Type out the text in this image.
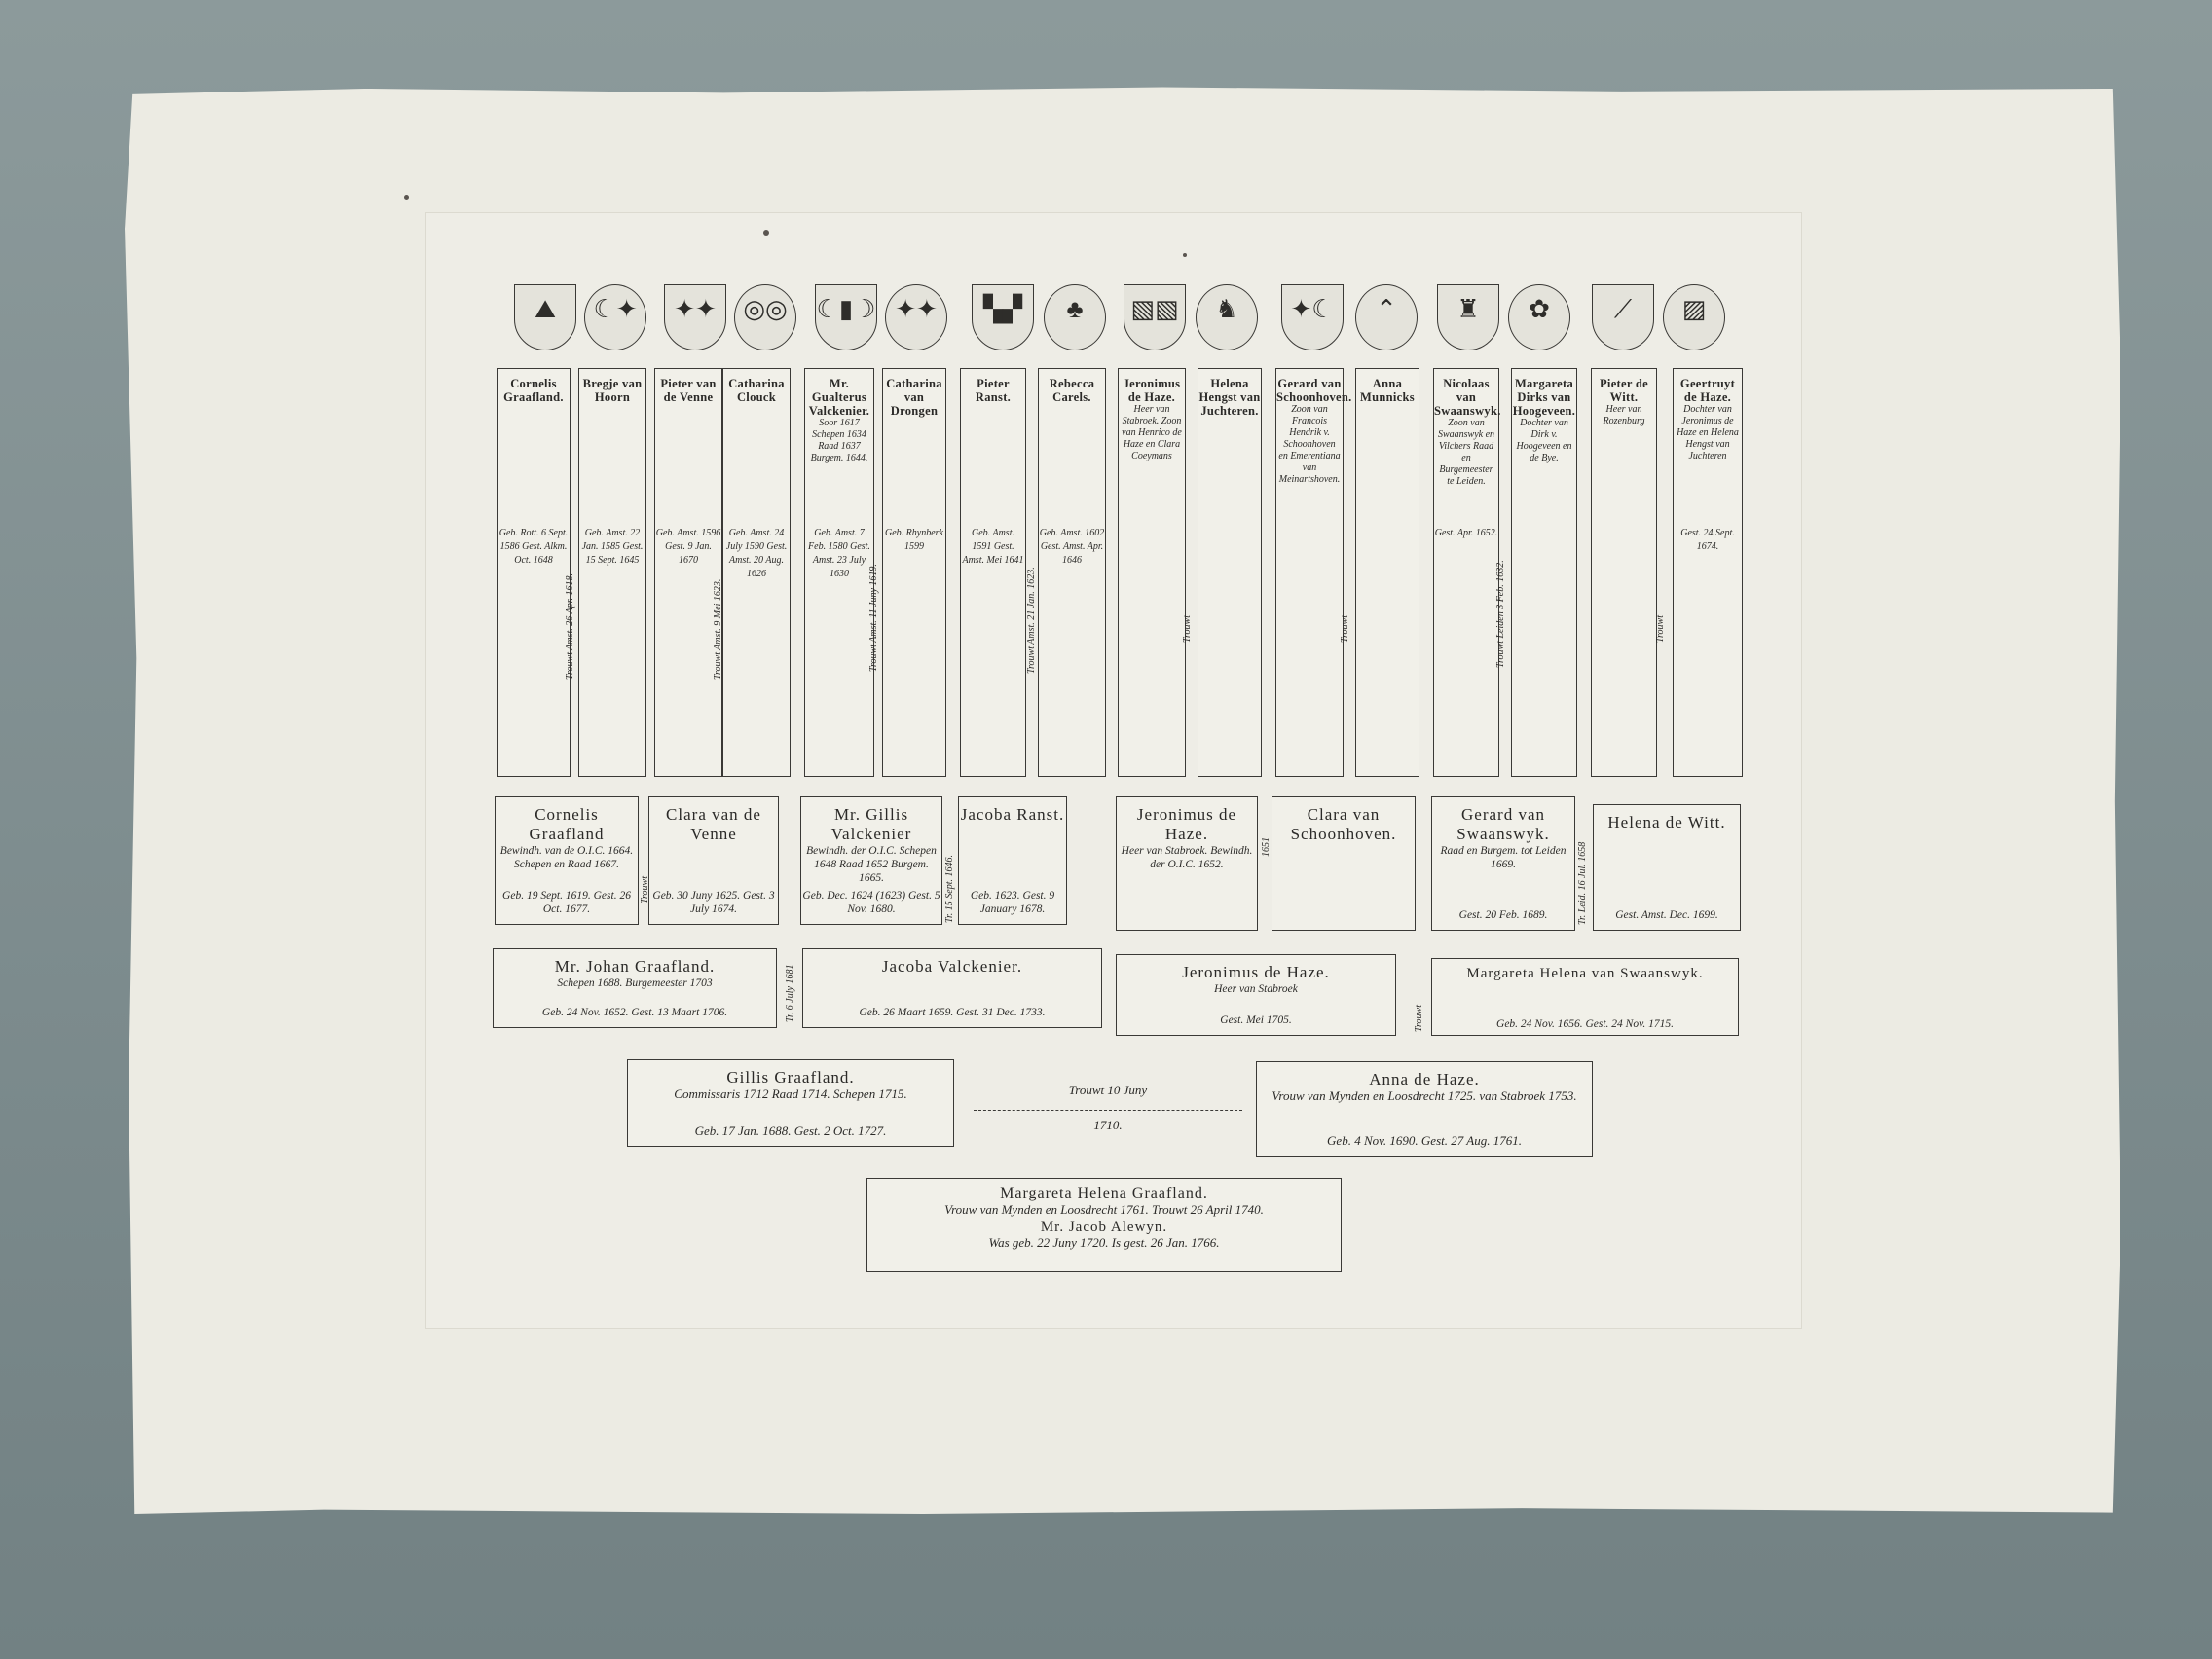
⛰	☾✦	✦✦	◎◎	☾▮☽ ✦✦	▚▞	♣	▧▧	♞	✦☾	⌃	♜	✿	⟋	▨
Cornelis Graafland.
Geb. Rott. 6 Sept. 1586 Gest. Alkm. Oct. 1648
Bregje van Hoorn
Geb. Amst. 22 Jan. 1585 Gest. 15 Sept. 1645
Pieter van de Venne
Geb. Amst. 1596 Gest. 9 Jan. 1670
Catharina Clouck
Geb. Amst. 24 July 1590 Gest. Amst. 20 Aug. 1626
Mr. Gualterus Valckenier.
Soor 1617 Schepen 1634 Raad 1637 Burgem. 1644.
Geb. Amst. 7 Feb. 1580 Gest. Amst. 23 July 1630
Catharina van Drongen
Geb. Rhynberk 1599
Pieter Ranst.
Geb. Amst. 1591 Gest. Amst. Mei 1641
Rebecca Carels.
Geb. Amst. 1602 Gest. Amst. Apr. 1646
Jeronimus de Haze.
Heer van Stabroek. Zoon van Henrico de Haze en Clara Coeymans
Helena Hengst van Juchteren.
Gerard van Schoonhoven.
Zoon van Francois Hendrik v. Schoonhoven en Emerentiana van Meinartshoven.
Anna Munnicks
Nicolaas van Swaanswyk.
Zoon van Swaanswyk en Vilchers Raad en Burgemeester te Leiden.
Gest. Apr. 1652.
Margareta Dirks van Hoogeveen.
Dochter van Dirk v. Hoogeveen en de Bye.
Pieter de Witt.
Heer van Rozenburg
Geertruyt de Haze.
Dochter van Jeronimus de Haze en Helena Hengst van Juchteren
Gest. 24 Sept. 1674.
Trouwt Amst. 26 Apr. 1618.	Trouwt Amst. 9 Mei 1623.	Trouwt Amst. 11 Juny 1619.	Trouwt Amst. 21 Jan. 1623.	Trouwt	Trouwt	Trouwt Leiden 3 Feb. 1632.	Trouwt
Cornelis Graafland
Bewindh. van de O.I.C. 1664. Schepen en Raad 1667.
Geb. 19 Sept. 1619. Gest. 26 Oct. 1677.
Clara van de Venne
Geb. 30 Juny 1625. Gest. 3 July 1674.
Mr. Gillis Valckenier
Bewindh. der O.I.C. Schepen 1648 Raad 1652 Burgem. 1665.
Geb. Dec. 1624 (1623) Gest. 5 Nov. 1680.
Jacoba Ranst.
Geb. 1623. Gest. 9 January 1678.
Jeronimus de Haze.
Heer van Stabroek. Bewindh. der O.I.C. 1652.
Clara van Schoonhoven.
Gerard van Swaanswyk.
Raad en Burgem. tot Leiden 1669.
Gest. 20 Feb. 1689.
Helena de Witt.
Gest. Amst. Dec. 1699.
Trouwt	Tr. 15 Sept. 1646.
1651	Tr. Leid. 16 Jul. 1658
Mr. Johan Graafland.
Schepen 1688. Burgemeester 1703
Geb. 24 Nov. 1652. Gest. 13 Maart 1706.
Jacoba Valckenier.
Geb. 26 Maart 1659. Gest. 31 Dec. 1733.
Jeronimus de Haze.
Heer van Stabroek
Gest. Mei 1705.
Margareta Helena van Swaanswyk.
Geb. 24 Nov. 1656. Gest. 24 Nov. 1715.
Tr. 6 July 1681	Trouwt
Gillis Graafland.
Commissaris 1712 Raad 1714. Schepen 1715.
Geb. 17 Jan. 1688. Gest. 2 Oct. 1727.
Trouwt 10 Juny
1710.
Anna de Haze.
Vrouw van Mynden en Loosdrecht 1725. van Stabroek 1753.
Geb. 4 Nov. 1690. Gest. 27 Aug. 1761.
Margareta Helena Graafland.
Vrouw van Mynden en Loosdrecht 1761. Trouwt 26 April 1740.
Mr. Jacob Alewyn.
Was geb. 22 Juny 1720. Is gest. 26 Jan. 1766.
